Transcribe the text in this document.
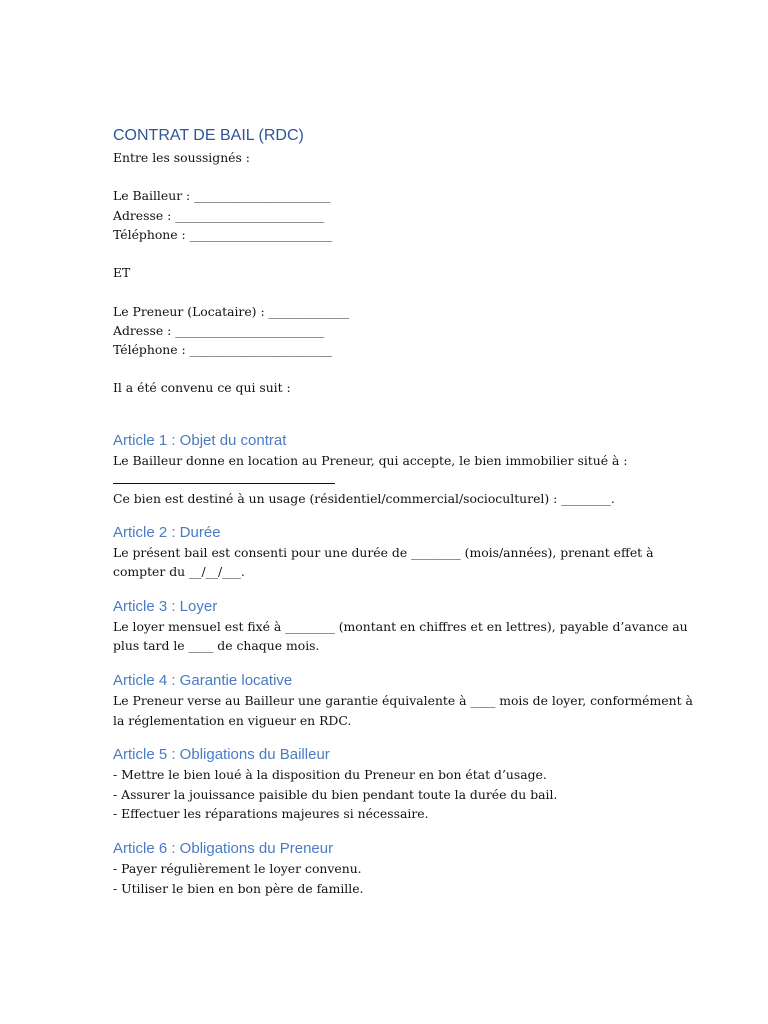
CONTRAT DE BAIL (RDC)
Entre les soussignés :
Le Bailleur : ______________________
Adresse : ________________________
Téléphone : _______________________
ET
Le Preneur (Locataire) : _____________
Adresse : ________________________
Téléphone : _______________________
Il a été convenu ce qui suit :
Article 1 : Objet du contrat
Le Bailleur donne en location au Preneur, qui accepte, le bien immobilier situé à :
Ce bien est destiné à un usage (résidentiel/commercial/socioculturel) : ________.
Article 2 : Durée
Le présent bail est consenti pour une durée de ________ (mois/années), prenant effet à
compter du __/__/___.
Article 3 : Loyer
Le loyer mensuel est fixé à ________ (montant en chiffres et en lettres), payable d’avance au
plus tard le ____ de chaque mois.
Article 4 : Garantie locative
Le Preneur verse au Bailleur une garantie équivalente à ____ mois de loyer, conformément à
la réglementation en vigueur en RDC.
Article 5 : Obligations du Bailleur
- Mettre le bien loué à la disposition du Preneur en bon état d’usage.
- Assurer la jouissance paisible du bien pendant toute la durée du bail.
- Effectuer les réparations majeures si nécessaire.
Article 6 : Obligations du Preneur
- Payer régulièrement le loyer convenu.
- Utiliser le bien en bon père de famille.
